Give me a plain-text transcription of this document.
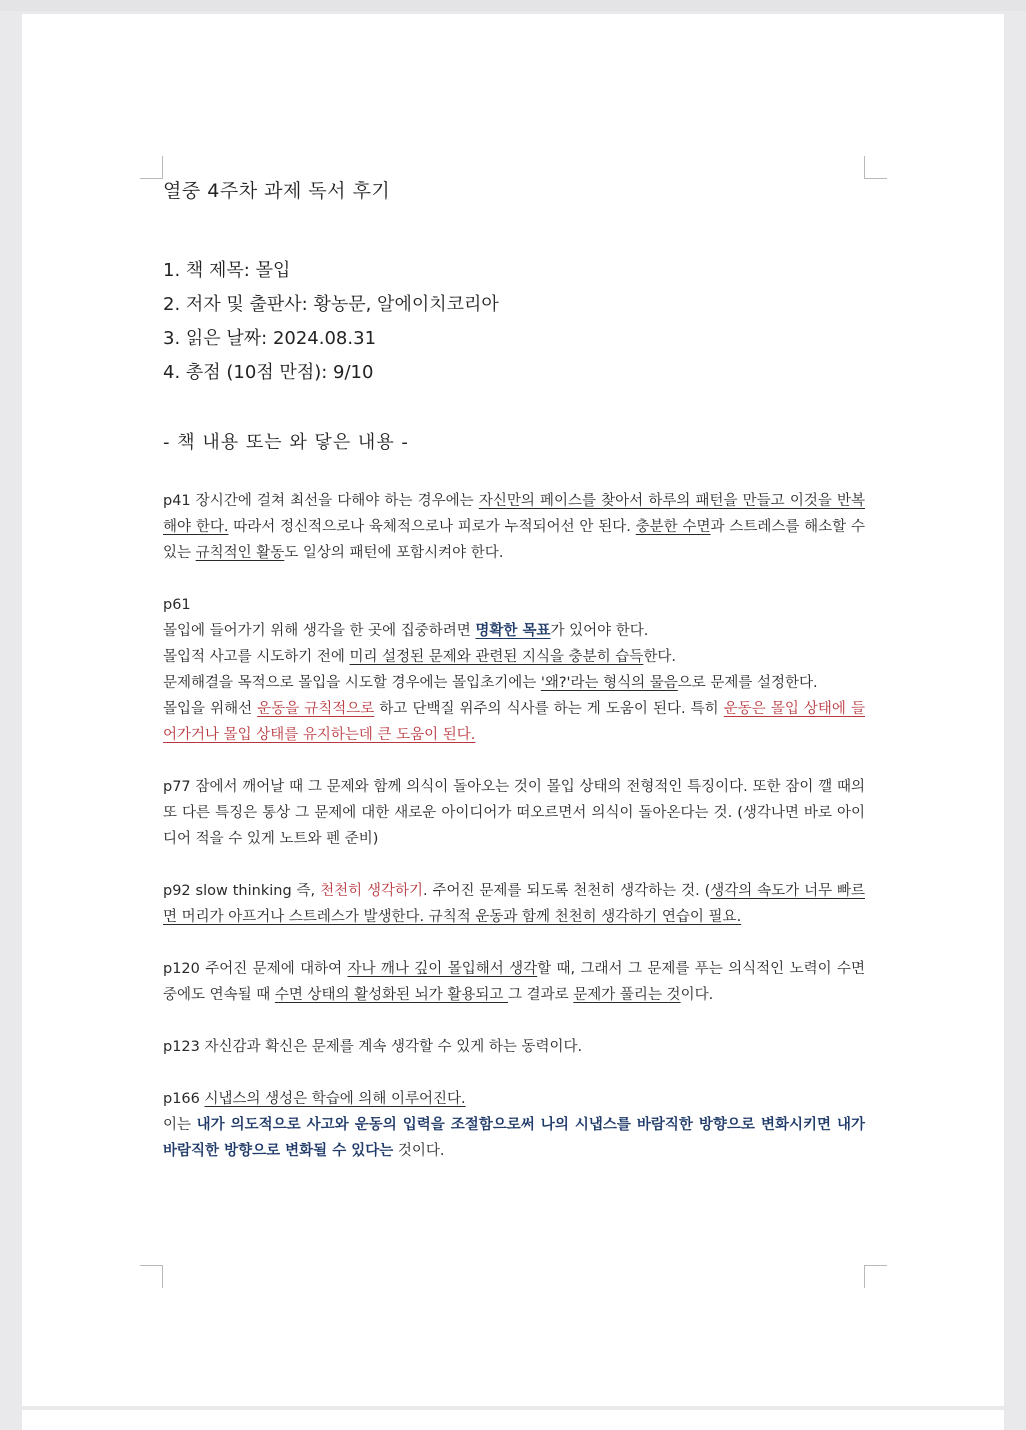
열중 4주차 과제 독서 후기
1. 책 제목: 몰입
2. 저자 및 출판사: 황농문, 알에이치코리아
3. 읽은 날짜: 2024.08.31
4. 총점 (10점 만점): 9/10
- 책 내용 또는 와 닿은 내용 -

p41 장시간에 걸쳐 최선을 다해야 하는 경우에는 자신만의 페이스를 찾아서 하루의 패턴을 만들고 이것을 반복해야 한다. 따라서 정신적으로나 육체적으로나 피로가 누적되어선 안 된다. 충분한 수면과 스트레스를 해소할 수 있는 규칙적인 활동도 일상의 패턴에 포함시켜야 한다.

p61
몰입에 들어가기 위해 생각을 한 곳에 집중하려면 명확한 목표가 있어야 한다.
몰입적 사고를 시도하기 전에 미리 설정된 문제와 관련된 지식을 충분히 습득한다.

문제해결을 목적으로 몰입을 시도할 경우에는 몰입초기에는 '왜?'라는 형식의 물음으로 문제를 설정한다.

몰입을 위해선 운동을 규칙적으로 하고 단백질 위주의 식사를 하는 게 도움이 된다. 특히 운동은 몰입 상태에 들어가거나 몰입 상태를 유지하는데 큰 도움이 된다.

p77 잠에서 깨어날 때 그 문제와 함께 의식이 돌아오는 것이 몰입 상태의 전형적인 특징이다. 또한 잠이 깰 때의 또 다른 특징은 통상 그 문제에 대한 새로운 아이디어가 떠오르면서 의식이 돌아온다는 것. (생각나면 바로 아이디어 적을 수 있게 노트와 펜 준비)

p92 slow thinking 즉, 천천히 생각하기. 주어진 문제를 되도록 천천히 생각하는 것. (생각의 속도가 너무 빠르면 머리가 아프거나 스트레스가 발생한다. 규칙적 운동과 함께 천천히 생각하기 연습이 필요.

p120 주어진 문제에 대하여 자나 깨나 깊이 몰입해서 생각할 때, 그래서 그 문제를 푸는 의식적인 노력이 수면 중에도 연속될 때 수면 상태의 활성화된 뇌가 활용되고 그 결과로 문제가 풀리는 것이다.

p123 자신감과 확신은 문제를 계속 생각할 수 있게 하는 동력이다.

p166 시냅스의 생성은 학습에 의해 이루어진다.

이는 내가 의도적으로 사고와 운동의 입력을 조절함으로써 나의 시냅스를 바람직한 방향으로 변화시키면 내가 바람직한 방향으로 변화될 수 있다는 것이다.
